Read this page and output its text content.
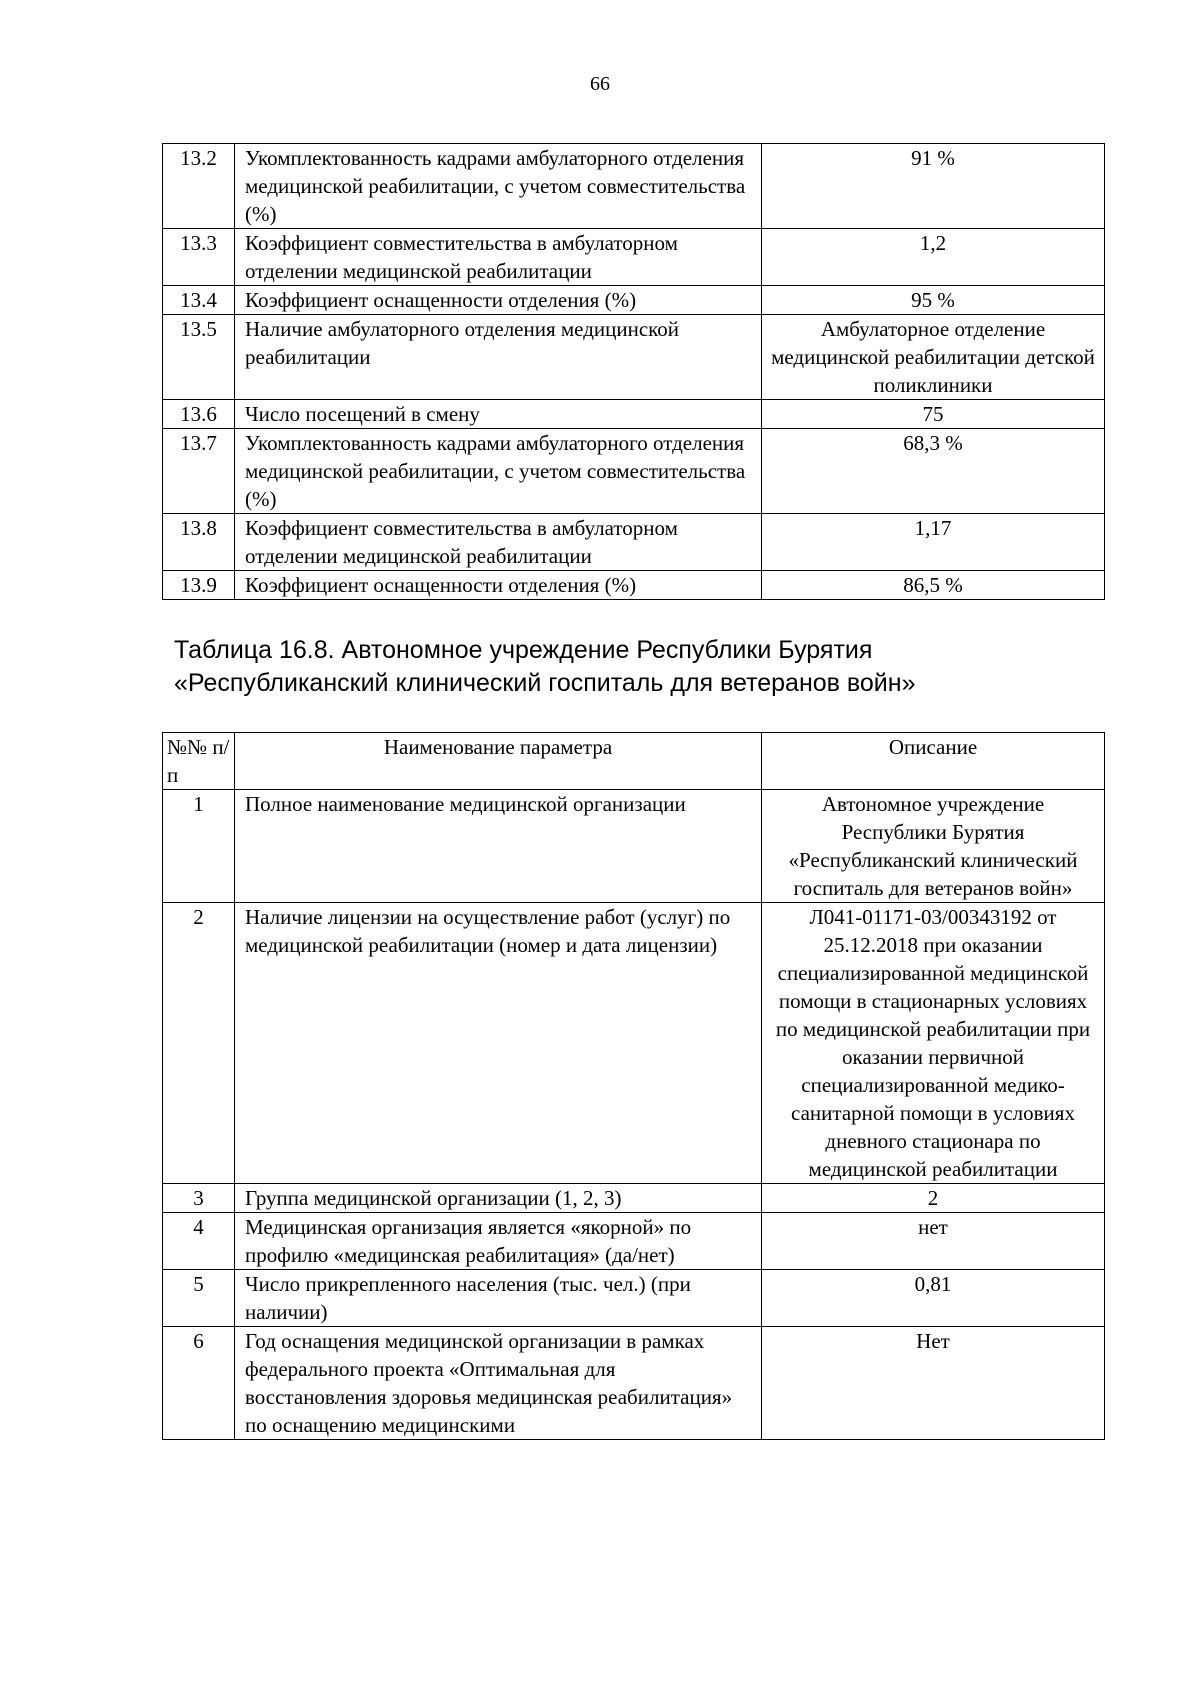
66
13.2	Укомплектованность кадрами амбулаторного отделения медицинской реабилитации, с учетом совместительства (%)	91 %
13.3	Коэффициент совместительства в амбулаторном отделении медицинской реабилитации	1,2
13.4	Коэффициент оснащенности отделения (%)	95 %
13.5	Наличие амбулаторного отделения медицинской реабилитации	Амбулаторное отделение медицинской реабилитации детской поликлиники
13.6	Число посещений в смену	75
13.7	Укомплектованность кадрами амбулаторного отделения медицинской реабилитации, с учетом совместительства (%)	68,3 %
13.8	Коэффициент совместительства в амбулаторном отделении медицинской реабилитации	1,17
13.9	Коэффициент оснащенности отделения (%)	86,5 %
Таблица 16.8. Автономное учреждение Республики Бурятия
«Республиканский клинический госпиталь для ветеранов войн»
№№ п/п	Наименование параметра	Описание
1	Полное наименование медицинской организации	Автономное учреждение Республики Бурятия «Республиканский клинический госпиталь для ветеранов войн»
2	Наличие лицензии на осуществление работ (услуг) по медицинской реабилитации (номер и дата лицензии)	Л041-01171-03/00343192 от 25.12.2018 при оказании специализированной медицинской помощи в стационарных условиях по медицинской реабилитации при оказании первичной специализированной медико-санитарной помощи в условиях дневного стационара по медицинской реабилитации
3	Группа медицинской организации (1, 2, 3)	2
4	Медицинская организация является «якорной» по профилю «медицинская реабилитация» (да/нет)	нет
5	Число прикрепленного населения (тыс. чел.) (при наличии)	0,81
6	Год оснащения медицинской организации в рамках федерального проекта «Оптимальная для восстановления здоровья медицинская реабилитация» по оснащению медицинскими	Нет
